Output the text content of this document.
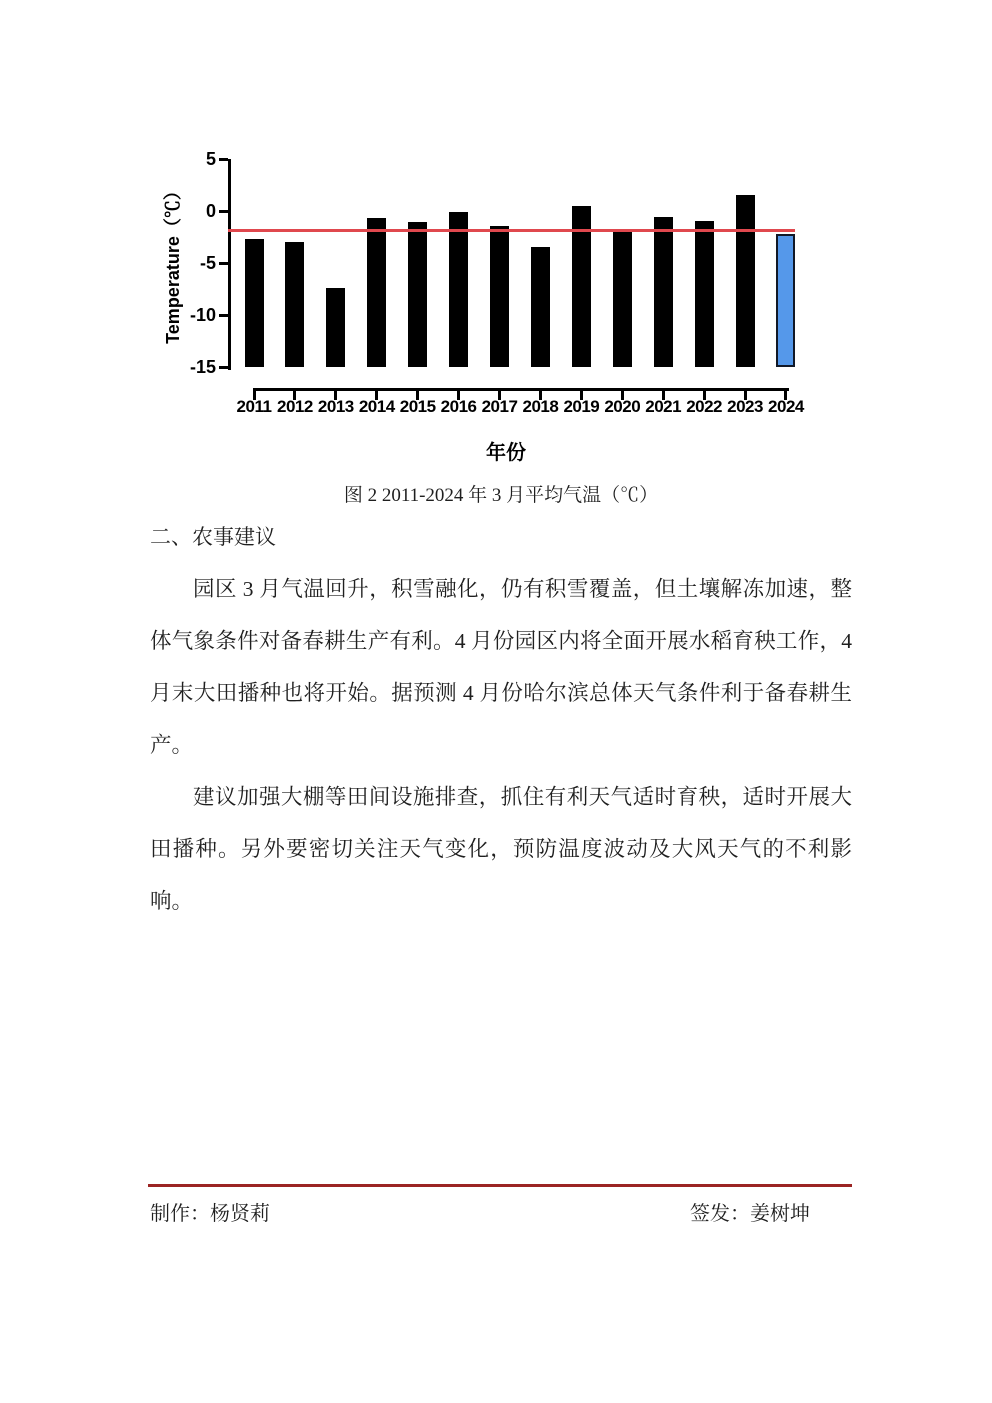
5
0
-5
-10
-15
Temperature（℃）
2011 2012 2013 2014 2015 2016 2017 2018 2019 2020 2021 2022 2023 2024
年份
图 2 2011-2024 年 3 月平均气温（℃）
二、农事建议

园区 3 月气温回升，积雪融化，仍有积雪覆盖，但土壤解冻加速，整体气象条件对备春耕生产有利。4 月份园区内将全面开展水稻育秧工作，4 月末大田播种也将开始。据预测 4 月份哈尔滨总体天气条件利于备春耕生产。

建议加强大棚等田间设施排查，抓住有利天气适时育秧，适时开展大田播种。另外要密切关注天气变化，预防温度波动及大风天气的不利影响。

制作：杨贤莉	签发：姜树坤
